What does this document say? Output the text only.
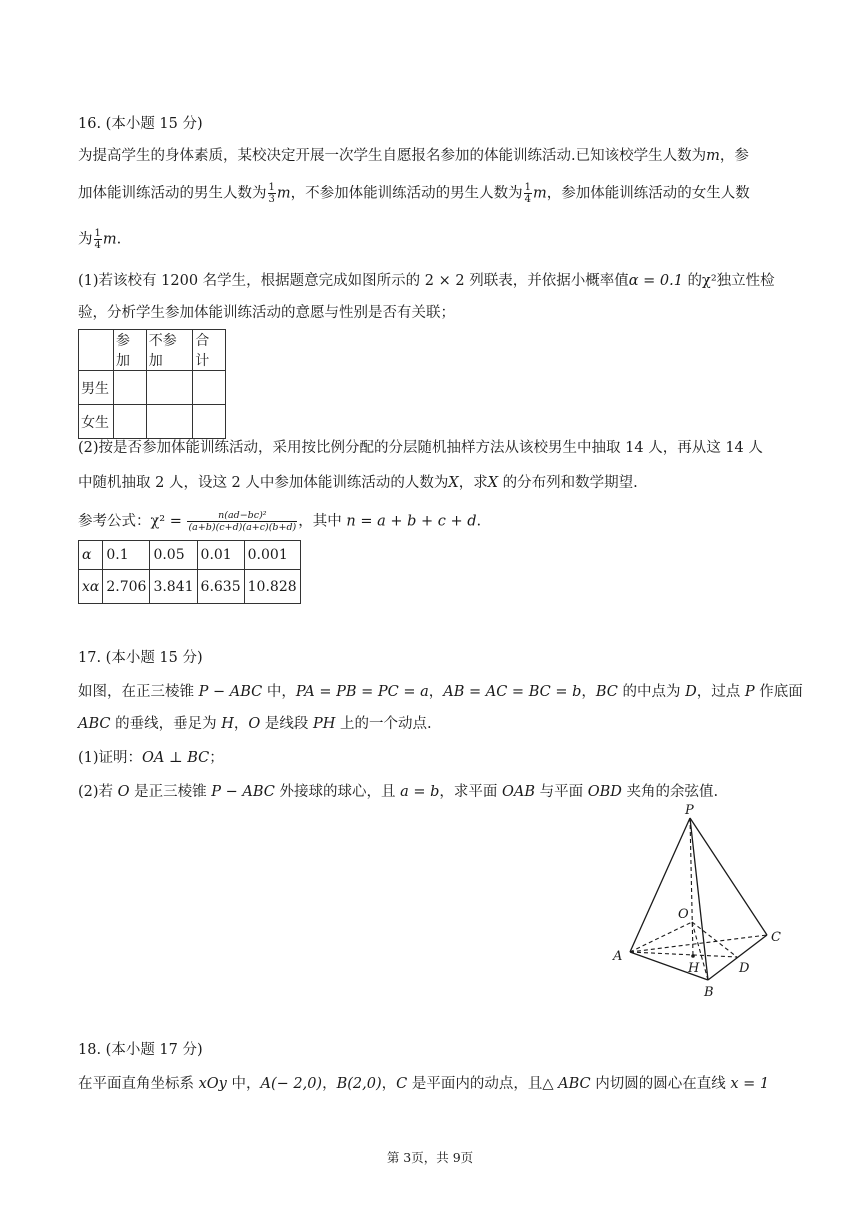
16. (本小题 15 分)
为提高学生的身体素质，某校决定开展一次学生自愿报名参加的体能训练活动.已知该校学生人数为m，参
加体能训练活动的男生人数为 $\frac{1}{3}$ m，不参加体能训练活动的男生人数为 $\frac{1}{4}$ m，参加体能训练活动的女生人数
为 $\frac{1}{4} m$.
(1)若该校有 1200 名学生，根据题意完成如图所示的 2 × 2 列联表，并依据小概率值α = 0.1 的χ²独立性检
验，分析学生参加体能训练活动的意愿与性别是否有关联；
	参加	不参加	合计
男生			
女生			
(2)按是否参加体能训练活动，采用按比例分配的分层随机抽样方法从该校男生中抽取 14 人，再从这 14 人
中随机抽取 2 人，设这 2 人中参加体能训练活动的人数为X，求X 的分布列和数学期望.
参考公式：$\chi^2 = \frac{\text{n(ad−bc)²}}{(a+b)(c+d)(a+c)(b+d)}$ ，其中 n = a + b + c + d.
α	0.1	0.05	0.01	0.001
xα	2.706	3.841	6.635	10.828
17. (本小题 15 分)
如图，在正三棱锥 P − ABC 中，PA = PB = PC = a，AB = AC = BC = b，BC 的中点为 D，过点 P 作底面
ABC 的垂线，垂足为 H，O 是线段 PH 上的一个动点.
(1)证明：OA ⊥ BC；
(2)若 O 是正三棱锥 P − ABC 外接球的球心，且 a = b，求平面 OAB 与平面 OBD 夹角的余弦值.
P
O
C
A
H	D
B
18. (本小题 17 分)
在平面直角坐标系 xOy 中，A(− 2,0)，B(2,0)，C 是平面内的动点，且△ ABC 内切圆的圆心在直线 x = 1
第 3页，共 9页
